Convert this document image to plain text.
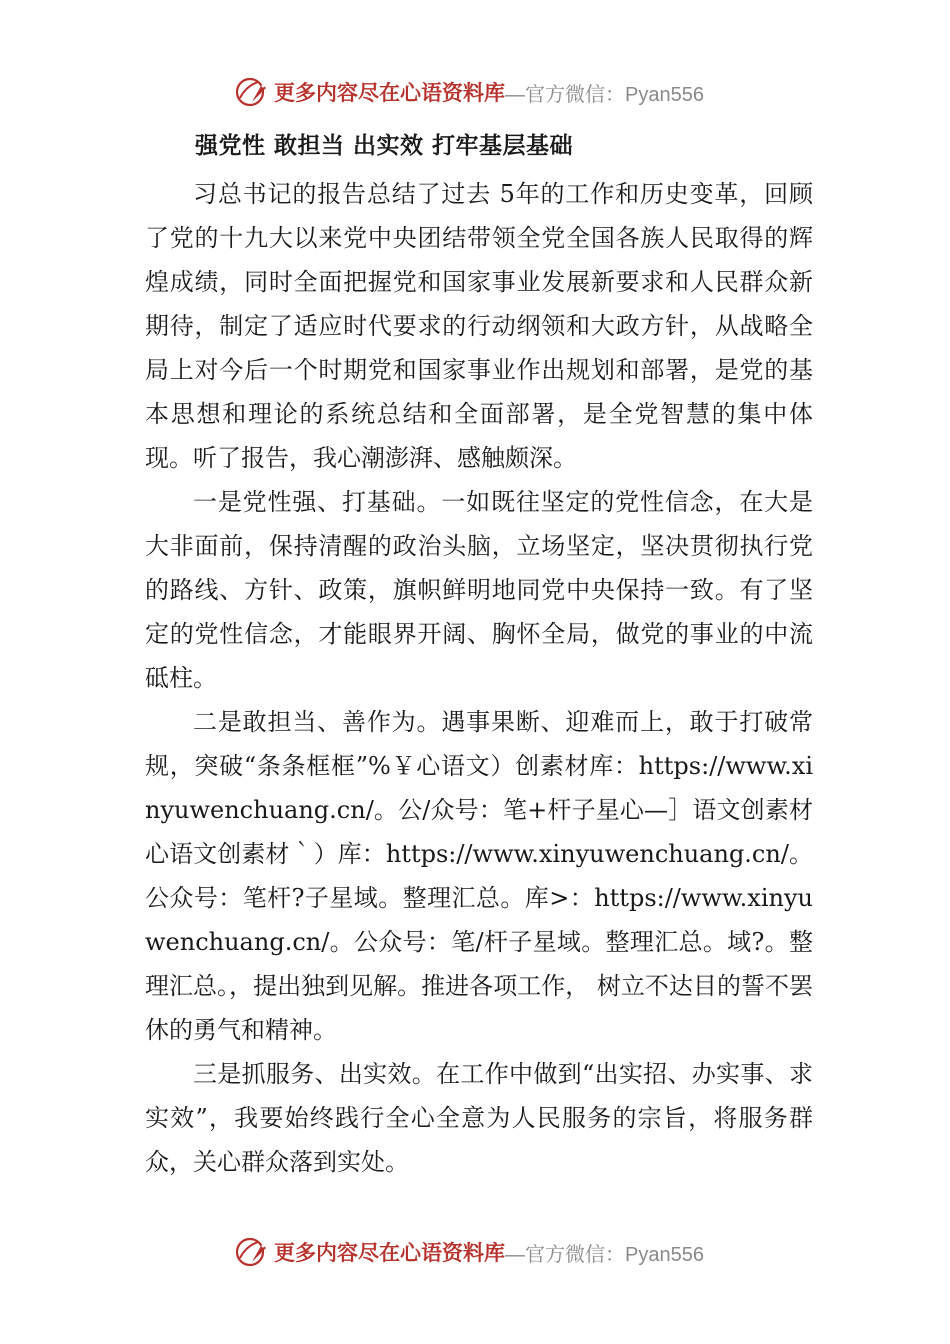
更多内容尽在心语资料库 —官方微信：Pyan556
强党性 敢担当 出实效 打牢基层基础

习总书记的报告总结了过去 5年的工作和历史变革，回顾了党的十九大以来党中央团结带领全党全国各族人民取得的辉煌成绩，同时全面把握党和国家事业发展新要求和人民群众新期待，制定了适应时代要求的行动纲领和大政方针，从战略全局上对今后一个时期党和国家事业作出规划和部署，是党的基本思想和理论的系统总结和全面部署，是全党智慧的集中体现。听了报告，我心潮澎湃、感触颇深。

一是党性强、打基础。一如既往坚定的党性信念，在大是大非面前，保持清醒的政治头脑，立场坚定，坚决贯彻执行党的路线、方针、政策，旗帜鲜明地同党中央保持一致。有了坚定的党性信念，才能眼界开阔、胸怀全局，做党的事业的中流砥柱。

二是敢担当、善作为。遇事果断、迎难而上，敢于打破常规，突破“条条框框”%￥心语文）创素材库：https://www.xinyuwenchuang.cn/。公/众号：笔+杆子星心—］语文创素材心语文创素材｀）库：https://www.xinyuwenchuang.cn/。公众号：笔杆?子星域。整理汇总。库>：https://www.xinyuwenchuang.cn/。公众号：笔/杆子星域。整理汇总。域?。整理汇总。，提出独到见解。推进各项工作， 树立不达目的誓不罢休的勇气和精神。

三是抓服务、出实效。在工作中做到“出实招、办实事、求实效”，我要始终践行全心全意为人民服务的宗旨，将服务群众，关心群众落到实处。

更多内容尽在心语资料库 —官方微信：Pyan556
